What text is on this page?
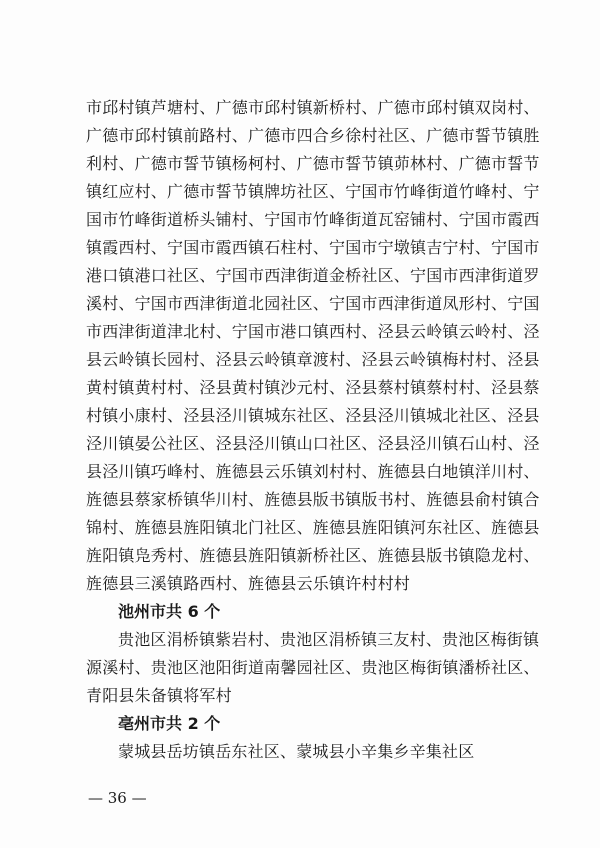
市邱村镇芦塘村、广德市邱村镇新桥村、广德市邱村镇双岗村、
广德市邱村镇前路村、广德市四合乡徐村社区、广德市誓节镇胜
利村、广德市誓节镇杨柯村、广德市誓节镇茆林村、广德市誓节
镇红应村、广德市誓节镇牌坊社区、宁国市竹峰街道竹峰村、宁
国市竹峰街道桥头铺村、宁国市竹峰街道瓦窑铺村、宁国市霞西
镇霞西村、宁国市霞西镇石柱村、宁国市宁墩镇吉宁村、宁国市
港口镇港口社区、宁国市西津街道金桥社区、宁国市西津街道罗
溪村、宁国市西津街道北园社区、宁国市西津街道凤形村、宁国
市西津街道津北村、宁国市港口镇西村、泾县云岭镇云岭村、泾
县云岭镇长园村、泾县云岭镇章渡村、泾县云岭镇梅村村、泾县
黄村镇黄村村、泾县黄村镇沙元村、泾县蔡村镇蔡村村、泾县蔡
村镇小康村、泾县泾川镇城东社区、泾县泾川镇城北社区、泾县
泾川镇晏公社区、泾县泾川镇山口社区、泾县泾川镇石山村、泾
县泾川镇巧峰村、旌德县云乐镇刘村村、旌德县白地镇洋川村、
旌德县蔡家桥镇华川村、旌德县版书镇版书村、旌德县俞村镇合
锦村、旌德县旌阳镇北门社区、旌德县旌阳镇河东社区、旌德县
旌阳镇凫秀村、旌德县旌阳镇新桥社区、旌德县版书镇隐龙村、
旌德县三溪镇路西村、旌德县云乐镇许村村村
池州市共 6 个
贵池区涓桥镇紫岩村、贵池区涓桥镇三友村、贵池区梅街镇
源溪村、贵池区池阳街道南馨园社区、贵池区梅街镇潘桥社区、
青阳县朱备镇将军村
亳州市共 2 个
蒙城县岳坊镇岳东社区、蒙城县小辛集乡辛集社区
— 36 —
